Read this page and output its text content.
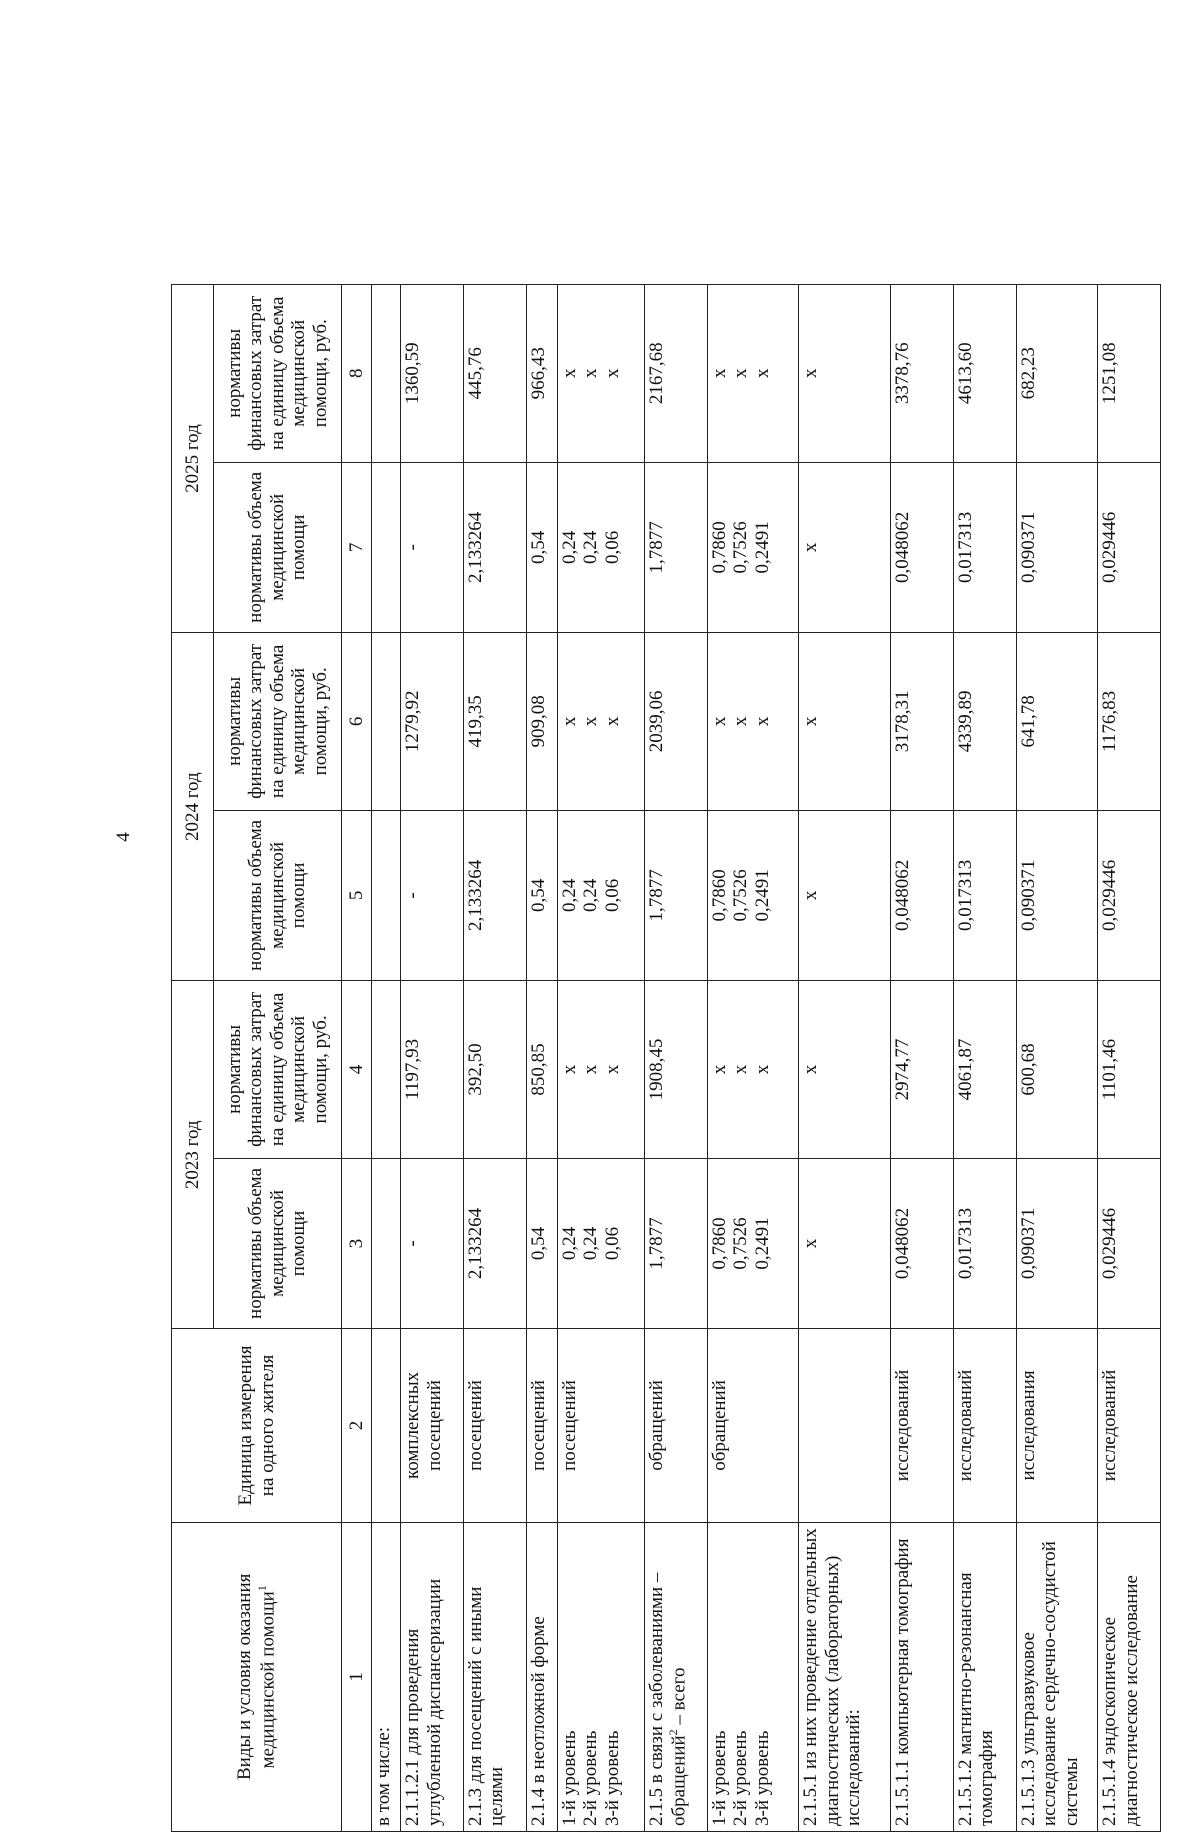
4
Виды и условия оказания медицинской помощи$^1$	Единица измерения на одного жителя	2023 год		2024 год		2025 год	
		нормативы объема медицинской помощи	нормативы финансовых затрат на единицу объема медицинской помощи, руб.	нормативы объема медицинской помощи	нормативы финансовых затрат на единицу объема медицинской помощи, руб.	нормативы объема медицинской помощи	нормативы финансовых затрат на единицу объема медицинской помощи, руб.
1	2	3	4	5	6	7	8
в том числе:							
2.1.1.2.1 для проведения углубленной диспансеризации	комплексных посещений	-	1197,93	-	1279,92	-	1360,59
2.1.3 для посещений с иными целями	посещений	2,133264	392,50	2,133264	419,35	2,133264	445,76
2.1.4 в неотложной форме	посещений	0,54	850,85	0,54	909,08	0,54	966,43

1-й уровень 2-й уровень 3-й уровень	посещений	0,24 0,24 0,06	х х х	0,24 0,24 0,06	х х х	0,24 0,24 0,06	х х х

2.1.5 в связи с заболеваниями – обращений$^2$ – всего	обращений	1,7877	1908,45	1,7877	2039,06	1,7877	2167,68

1-й уровень 2-й уровень 3-й уровень	обращений	0,7860 0,7526 0,2491	х х х	0,7860 0,7526 0,2491	х х х	0,7860 0,7526 0,2491	х х х

2.1.5.1 из них проведение отдельных диагностических (лабораторных) исследований:		х	х	х	х	х	х
2.1.5.1.1 компьютерная томография	исследований	0,048062	2974,77	0,048062	3178,31	0,048062	3378,76
2.1.5.1.2 магнитно-резонансная томография	исследований	0,017313	4061,87	0,017313	4339,89	0,017313	4613,60
2.1.5.1.3 ультразвуковое исследование сердечно-сосудистой системы	исследования	0,090371	600,68	0,090371	641,78	0,090371	682,23
2.1.5.1.4 эндоскопическое диагностическое исследование	исследований	0,029446	1101,46	0,029446	1176,83	0,029446	1251,08
